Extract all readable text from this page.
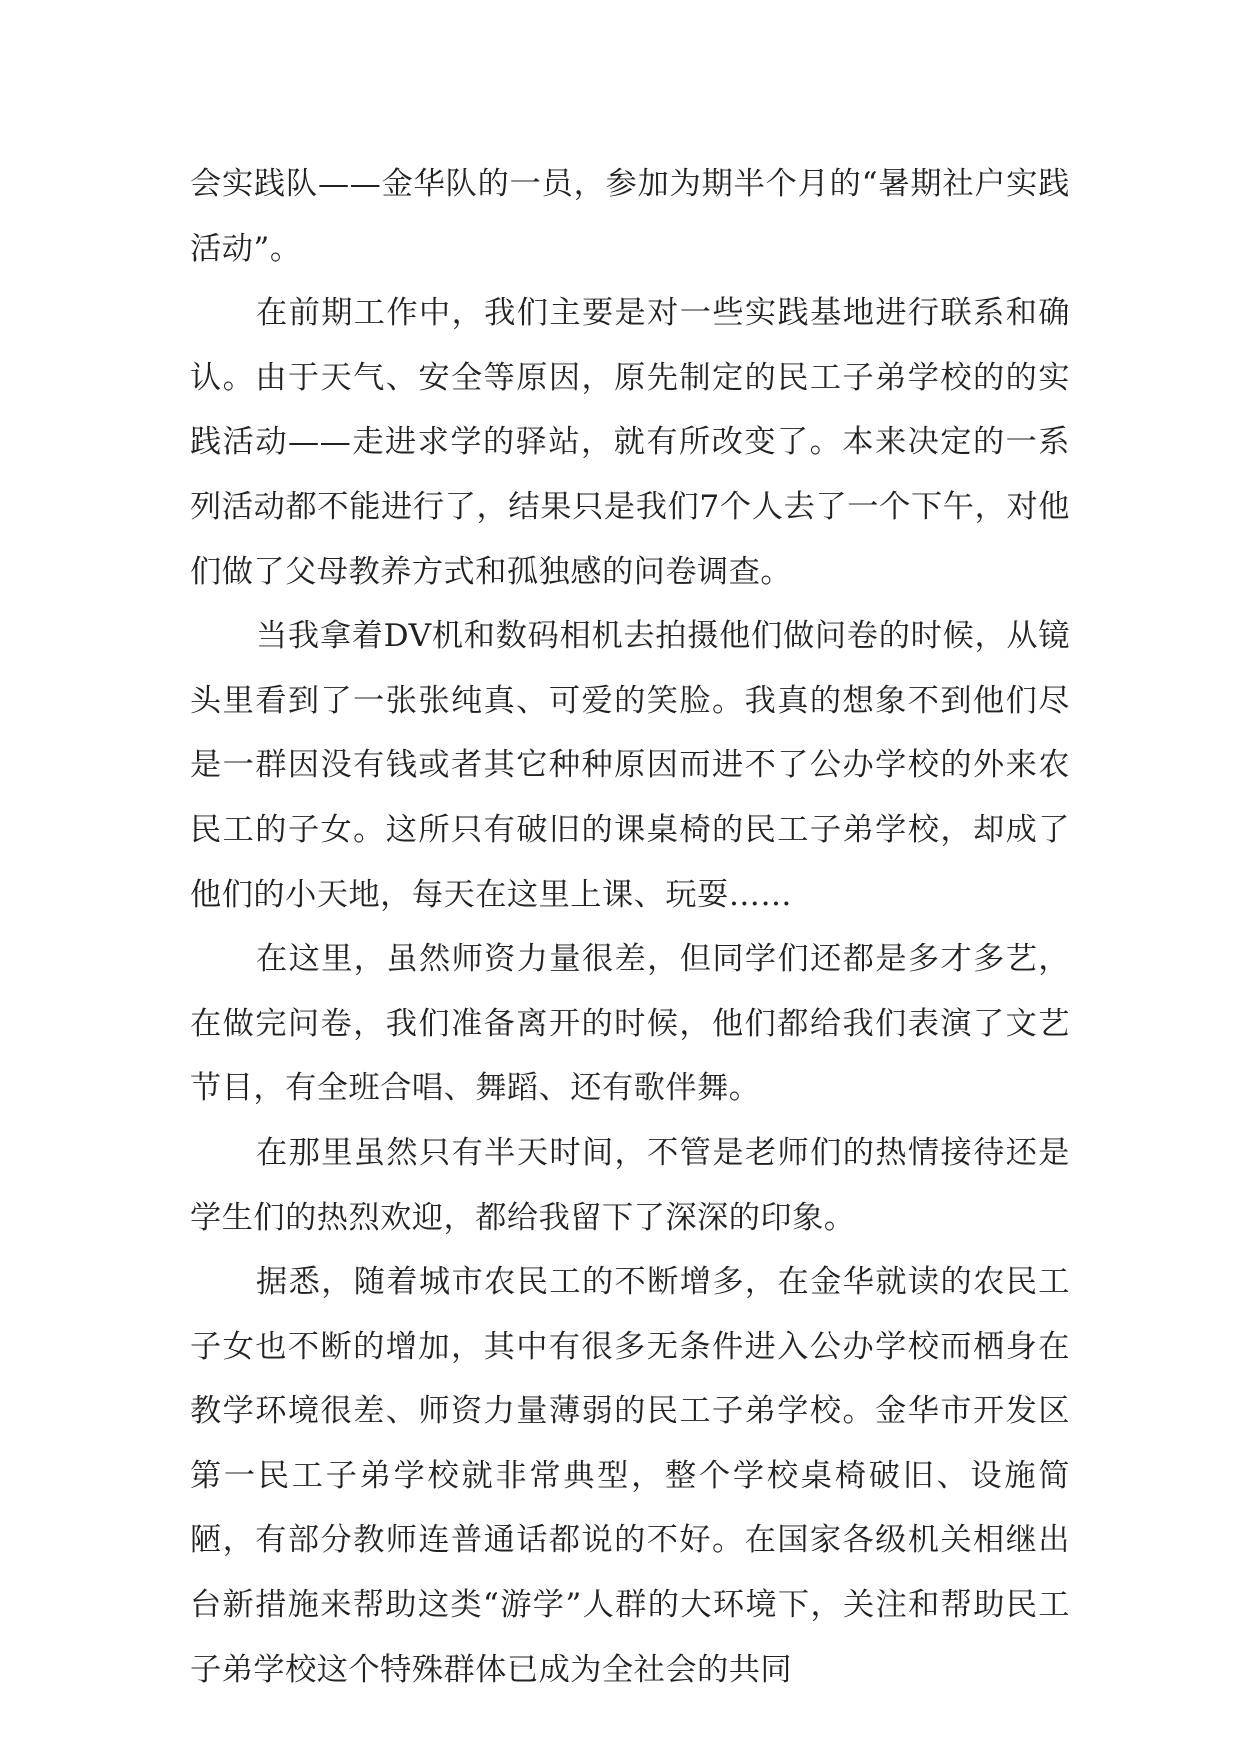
会实践队——金华队的一员，参加为期半个月的“暑期社户实践活动”。

在前期工作中，我们主要是对一些实践基地进行联系和确认。由于天气、安全等原因，原先制定的民工子弟学校的的实践活动——走进求学的驿站，就有所改变了。本来决定的一系列活动都不能进行了，结果只是我们7个人去了一个下午，对他们做了父母教养方式和孤独感的问卷调查。

当我拿着DV机和数码相机去拍摄他们做问卷的时候，从镜头里看到了一张张纯真、可爱的笑脸。我真的想象不到他们尽是一群因没有钱或者其它种种原因而进不了公办学校的外来农民工的子女。这所只有破旧的课桌椅的民工子弟学校，却成了他们的小天地，每天在这里上课、玩耍……

在这里，虽然师资力量很差，但同学们还都是多才多艺，在做完问卷，我们准备离开的时候，他们都给我们表演了文艺节目，有全班合唱、舞蹈、还有歌伴舞。

在那里虽然只有半天时间，不管是老师们的热情接待还是学生们的热烈欢迎，都给我留下了深深的印象。

据悉，随着城市农民工的不断增多，在金华就读的农民工子女也不断的增加，其中有很多无条件进入公办学校而栖身在教学环境很差、师资力量薄弱的民工子弟学校。金华市开发区第一民工子弟学校就非常典型，整个学校桌椅破旧、设施简陋，有部分教师连普通话都说的不好。在国家各级机关相继出台新措施来帮助这类“游学”人群的大环境下，关注和帮助民工子弟学校这个特殊群体已成为全社会的共同
